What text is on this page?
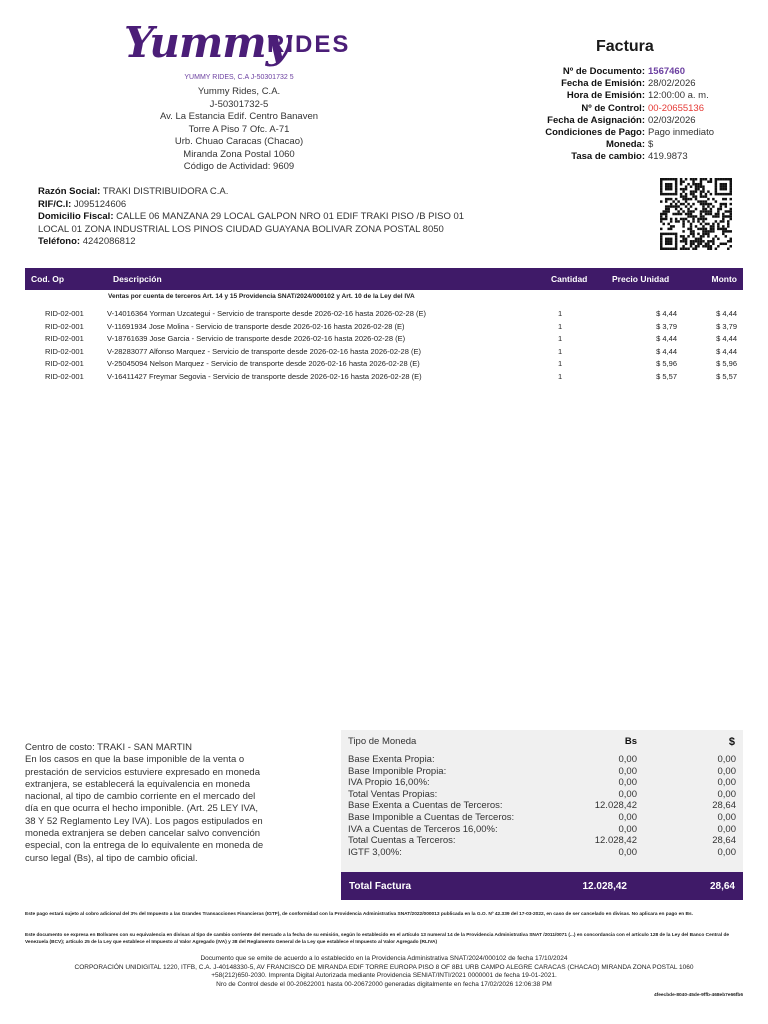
Yummy
RIDES
YUMMY RIDES, C.A J-50301732 5
Yummy Rides, C.A.
J-50301732-5
Av. La Estancia Edif. Centro Banaven
Torre A Piso 7 Ofc. A-71
Urb. Chuao Caracas (Chacao)
Miranda Zona Postal 1060
Código de Actividad: 9609
Factura
Nº de Documento: 1567460
Fecha de Emisión: 28/02/2026
Hora de Emisión: 12:00:00 a. m.
Nº de Control: 00-20655136
Fecha de Asignación: 02/03/2026
Condiciones de Pago: Pago inmediato
Moneda: $
Tasa de cambio: 419.9873
Razón Social: TRAKI DISTRIBUIDORA C.A.
RIF/C.I: J095124606
Domicilio Fiscal: CALLE 06 MANZANA 29 LOCAL GALPON NRO 01 EDIF TRAKI PISO /B PISO 01
LOCAL 01 ZONA INDUSTRIAL LOS PINOS CIUDAD GUAYANA BOLIVAR ZONA POSTAL 8050
Teléfono: 4242086812
Cod. Op	Descripción	Cantidad	Precio Unidad	Monto
Ventas por cuenta de terceros Art. 14 y 15 Providencia SNAT/2024/000102 y Art. 10 de la Ley del IVA
RID-02-001	V-14016364 Yorman Uzcategui - Servicio de transporte desde 2026-02-16 hasta 2026-02-28 (E)	1	$ 4,44	$ 4,44
RID-02-001	V-11691934 Jose Molina - Servicio de transporte desde 2026-02-16 hasta 2026-02-28 (E)	1	$ 3,79	$ 3,79
RID-02-001	V-18761639 Jose Garcia - Servicio de transporte desde 2026-02-16 hasta 2026-02-28 (E)	1	$ 4,44	$ 4,44
RID-02-001	V-28283077 Alfonso Marquez - Servicio de transporte desde 2026-02-16 hasta 2026-02-28 (E)	1	$ 4,44	$ 4,44
RID-02-001	V-25045094 Nelson Marquez - Servicio de transporte desde 2026-02-16 hasta 2026-02-28 (E)	1	$ 5,96	$ 5,96
RID-02-001	V-16411427 Freymar Segovia - Servicio de transporte desde 2026-02-16 hasta 2026-02-28 (E)	1	$ 5,57	$ 5,57
Centro de costo: TRAKI - SAN MARTIN
En los casos en que la base imponible de la venta o prestación de servicios estuviere expresado en moneda extranjera, se establecerá la equivalencia en moneda nacional, al tipo de cambio corriente en el mercado del día en que ocurra el hecho imponible. (Art. 25 LEY IVA, 38 Y 52 Reglamento Ley IVA). Los pagos estipulados en moneda extranjera se deben cancelar salvo convención especial, con la entrega de lo equivalente en moneda de curso legal (Bs), al tipo de cambio oficial.
Tipo de Moneda	Bs	$
Base Exenta Propia:	0,00	0,00
Base Imponible Propia:	0,00	0,00
IVA Propio 16,00%:	0,00	0,00
Total Ventas Propias:	0,00	0,00
Base Exenta a Cuentas de Terceros:	12.028,42	28,64
Base Imponible a Cuentas de Terceros:	0,00	0,00
IVA a Cuentas de Terceros 16,00%:	0,00	0,00
Total Cuentas a Terceros:	12.028,42	28,64
IGTF 3,00%:	0,00	0,00
Total Factura	12.028,42	28,64
Este pago estará sujeto al cobro adicional del 3% del Impuesto a las Grandes Transacciones Financieras (IGTF), de conformidad con la Providencia Administrativa SNAT/2022/000013 publicada en la G.O. Nº 42.339 del 17-03-2022, en caso de ser cancelado en divisas. No aplicara en pago en Bs.
Este documento se expresa en Bolívares con su equivalencia en divisas al tipo de cambio corriente del mercado a la fecha de su emisión, según lo establecido en el artículo 13 numeral 14 de la Providencia Administrativa SNAT /2011/0071 (...) en concordancia con el artículo 128 de la Ley del Banco Central de Venezuela (BCV); artículo 25 de la Ley que establece el Impuesto al Valor Agregado (IVA) y 38 del Reglamento General de la Ley que establece el Impuesto al Valor Agregado (RLIVA)
Documento que se emite de acuerdo a lo establecido en la Providencia Administrativa SNAT/2024/000102 de fecha 17/10/2024
CORPORACIÓN UNIDIGITAL 1220, ITFB, C.A. J-40148330-5, AV FRANCISCO DE MIRANDA EDIF TORRE EUROPA PISO 8 OF 8B1 URB CAMPO ALEGRE CARACAS (CHACAO) MIRANDA ZONA POSTAL 1060
+58(212)650-2030. Imprenta Digital Autorizada mediante Providencia SENIAT/INTI/2021 0000001 de fecha 19-01-2021.
Nro de Control desde el 00-20622001 hasta 00-20672000 generadas digitalmente en fecha 17/02/2026 12:06:38 PM
4feecbde-8040-45de-9ffb-468eb7e66fb6
